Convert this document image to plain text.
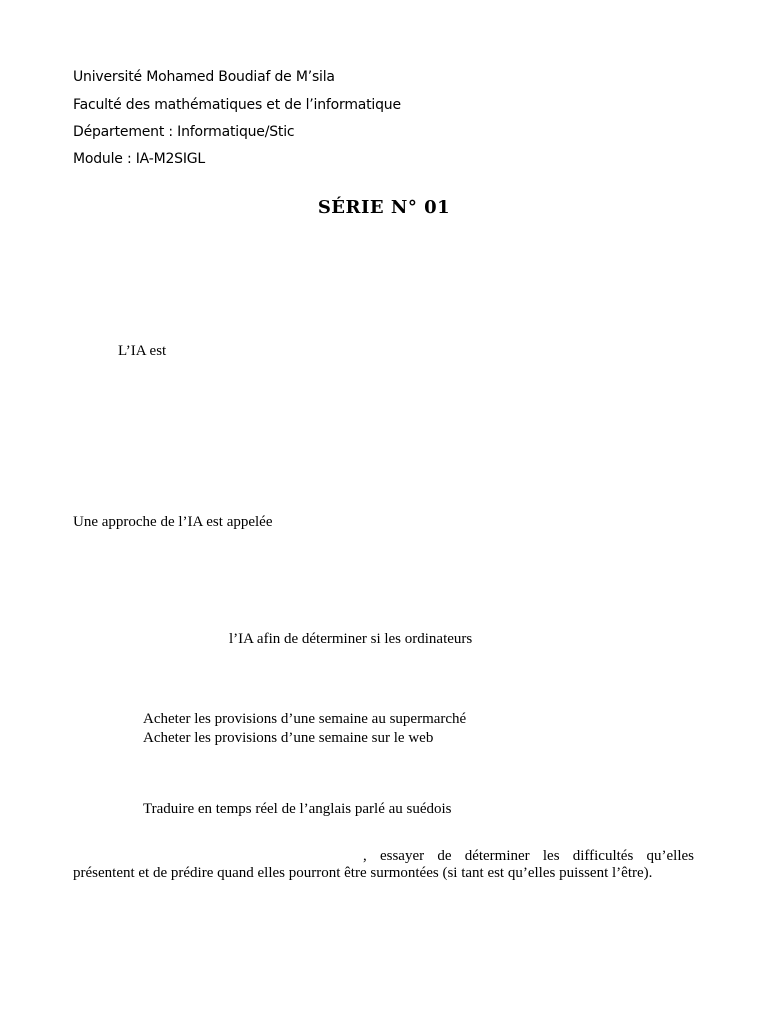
Université Mohamed Boudiaf de M’sila
Faculté des mathématiques et de l’informatique
Département : Informatique/Stic
Module : IA-M2SIGL
SÉRIE N° 01
L’IA est
Une approche de l’IA est appelée
l’IA afin de déterminer si les ordinateurs
Acheter les provisions d’une semaine au supermarché
Acheter les provisions d’une semaine sur le web
Traduire en temps réel de l’anglais parlé au suédois
, essayer de déterminer les difficultés qu’elles présentent et de prédire quand elles pourront être surmontées (si tant est qu’elles puissent l’être).
